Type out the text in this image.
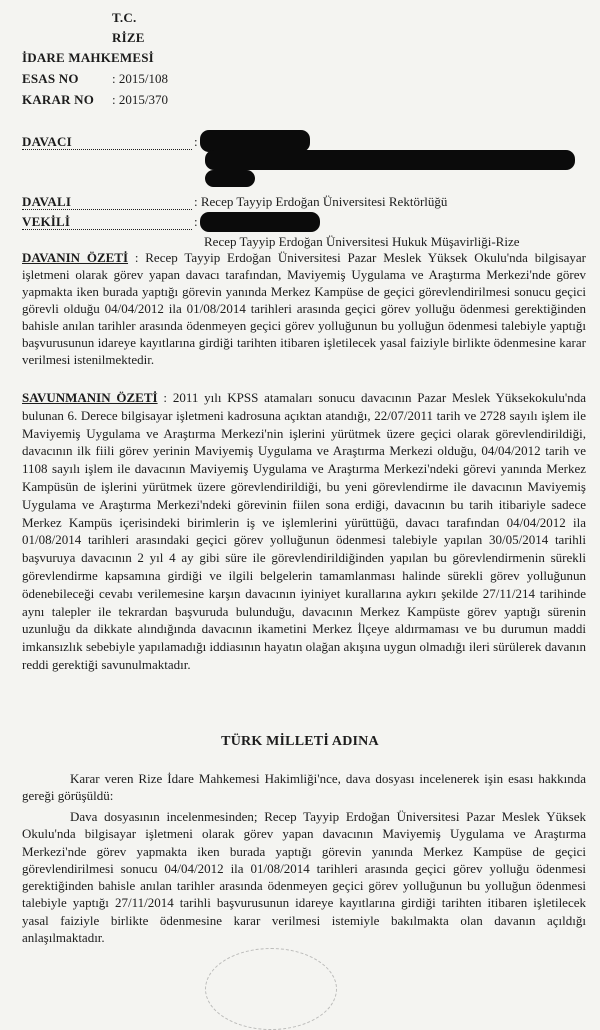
T.C.
RİZE
İDARE MAHKEMESİ
ESAS NO	: 2015/108
KARAR NO : 2015/370
DAVACI	:
DAVALI	: Recep Tayyip Erdoğan Üniversitesi Rektörlüğü
VEKİLİ	:
Recep Tayyip Erdoğan Üniversitesi Hukuk Müşavirliği-Rize
DAVANIN ÖZETİ : Recep Tayyip Erdoğan Üniversitesi Pazar Meslek Yüksek Okulu'nda bilgisayar işletmeni olarak görev yapan davacı tarafından, Maviyemiş Uygulama ve Araştırma Merkezi'nde görev yapmakta iken burada yaptığı görevin yanında Merkez Kampüse de geçici görevlendirilmesi sonucu geçici görevli olduğu 04/04/2012 ila 01/08/2014 tarihleri arasında geçici görev yolluğu ödenmesi gerektiğinden bahisle anılan tarihler arasında ödenmeyen geçici görev yolluğunun bu yolluğun ödenmesi talebiyle yaptığı başvurusunun idareye kayıtlarına girdiği tarihten itibaren işletilecek yasal faiziyle birlikte ödenmesine karar verilmesi istenilmektedir.
SAVUNMANIN ÖZETİ : 2011 yılı KPSS atamaları sonucu davacının Pazar Meslek Yüksekokulu'nda bulunan 6. Derece bilgisayar işletmeni kadrosuna açıktan atandığı, 22/07/2011 tarih ve 2728 sayılı işlem ile Maviyemiş Uygulama ve Araştırma Merkezi'nin işlerini yürütmek üzere geçici olarak görevlendirildiği, davacının ilk fiili görev yerinin Maviyemiş Uygulama ve Araştırma Merkezi olduğu, 04/04/2012 tarih ve 1108 sayılı işlem ile davacının Maviyemiş Uygulama ve Araştırma Merkezi'ndeki görevi yanında Merkez Kampüsün de işlerini yürütmek üzere görevlendirildiği, bu yeni görevlendirme ile davacının Maviyemiş Uygulama ve Araştırma Merkezi'ndeki görevinin fiilen sona erdiği, davacının bu tarih itibariyle sadece Merkez Kampüs içerisindeki birimlerin iş ve işlemlerini yürüttüğü, davacı tarafından 04/04/2012 ila 01/08/2014 tarihleri arasındaki geçici görev yolluğunun ödenmesi talebiyle yapılan 30/05/2014 tarihli başvuruya davacının 2 yıl 4 ay gibi süre ile görevlendirildiğinden yapılan bu görevlendirmenin sürekli görevlendirme kapsamına girdiği ve ilgili belgelerin tamamlanması halinde sürekli görev yolluğunun ödenebileceği cevabı verilemesine karşın davacının iyiniyet kurallarına aykırı şekilde 27/11/214 tarihinde aynı talepler ile tekrardan başvuruda bulunduğu, davacının Merkez Kampüste görev yaptığı sürenin uzunluğu da dikkate alındığında davacının ikametini Merkez İlçeye aldırmaması ve bu durumun maddi imkansızlık sebebiyle yapılamadığı iddiasının hayatın olağan akışına uygun olmadığı ileri sürülerek davanın reddi gerektiği savunulmaktadır.
TÜRK MİLLETİ ADINA
Karar veren Rize İdare Mahkemesi Hakimliği'nce, dava dosyası incelenerek işin esası hakkında gereği görüşüldü:
Dava dosyasının incelenmesinden; Recep Tayyip Erdoğan Üniversitesi Pazar Meslek Yüksek Okulu'nda bilgisayar işletmeni olarak görev yapan davacının Maviyemiş Uygulama ve Araştırma Merkezi'nde görev yapmakta iken burada yaptığı görevin yanında Merkez Kampüse de geçici görevlendirilmesi sonucu 04/04/2012 ila 01/08/2014 tarihleri arasında geçici görev yolluğu ödenmesi gerektiğinden bahisle anılan tarihler arasında ödenmeyen geçici görev yolluğunun bu yolluğun ödenmesi talebiyle yaptığı 27/11/2014 tarihli başvurusunun idareye kayıtlarına girdiği tarihten itibaren işletilecek yasal faiziyle birlikte ödenmesine karar verilmesi istemiyle bakılmakta olan davanın açıldığı anlaşılmaktadır.
